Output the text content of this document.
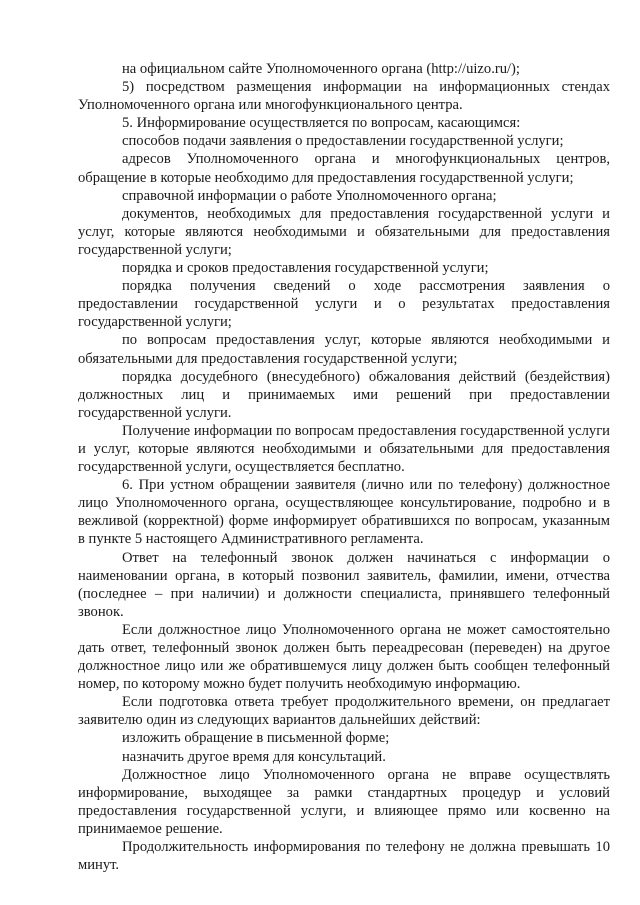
на официальном сайте Уполномоченного органа (http://uizo.ru/);

5) посредством размещения информации на информационных стендах Уполномоченного органа или многофункционального центра.

5. Информирование осуществляется по вопросам, касающимся:

способов подачи заявления о предоставлении государственной услуги;

адресов Уполномоченного органа и многофункциональных центров, обращение в которые необходимо для предоставления государственной услуги;

справочной информации о работе Уполномоченного органа;

документов, необходимых для предоставления государственной услуги и услуг, которые являются необходимыми и обязательными для предоставления государственной услуги;

порядка и сроков предоставления государственной услуги;

порядка получения сведений о ходе рассмотрения заявления о предоставлении государственной услуги и о результатах предоставления государственной услуги;

по вопросам предоставления услуг, которые являются необходимыми и обязательными для предоставления государственной услуги;

порядка досудебного (внесудебного) обжалования действий (бездействия) должностных лиц и принимаемых ими решений при предоставлении государственной услуги.

Получение информации по вопросам предоставления государственной услуги и услуг, которые являются необходимыми и обязательными для предоставления государственной услуги, осуществляется бесплатно.

6. При устном обращении заявителя (лично или по телефону) должностное лицо Уполномоченного органа, осуществляющее консультирование, подробно и в вежливой (корректной) форме информирует обратившихся по вопросам, указанным в пункте 5 настоящего Административного регламента.

Ответ на телефонный звонок должен начинаться с информации о наименовании органа, в который позвонил заявитель, фамилии, имени, отчества (последнее – при наличии) и должности специалиста, принявшего телефонный звонок.

Если должностное лицо Уполномоченного органа не может самостоятельно дать ответ, телефонный звонок должен быть переадресован (переведен) на другое должностное лицо или же обратившемуся лицу должен быть сообщен телефонный номер, по которому можно будет получить необходимую информацию.

Если подготовка ответа требует продолжительного времени, он предлагает заявителю один из следующих вариантов дальнейших действий:

изложить обращение в письменной форме;

назначить другое время для консультаций.

Должностное лицо Уполномоченного органа не вправе осуществлять информирование, выходящее за рамки стандартных процедур и условий предоставления государственной услуги, и влияющее прямо или косвенно на принимаемое решение.

Продолжительность информирования по телефону не должна превышать 10 минут.
